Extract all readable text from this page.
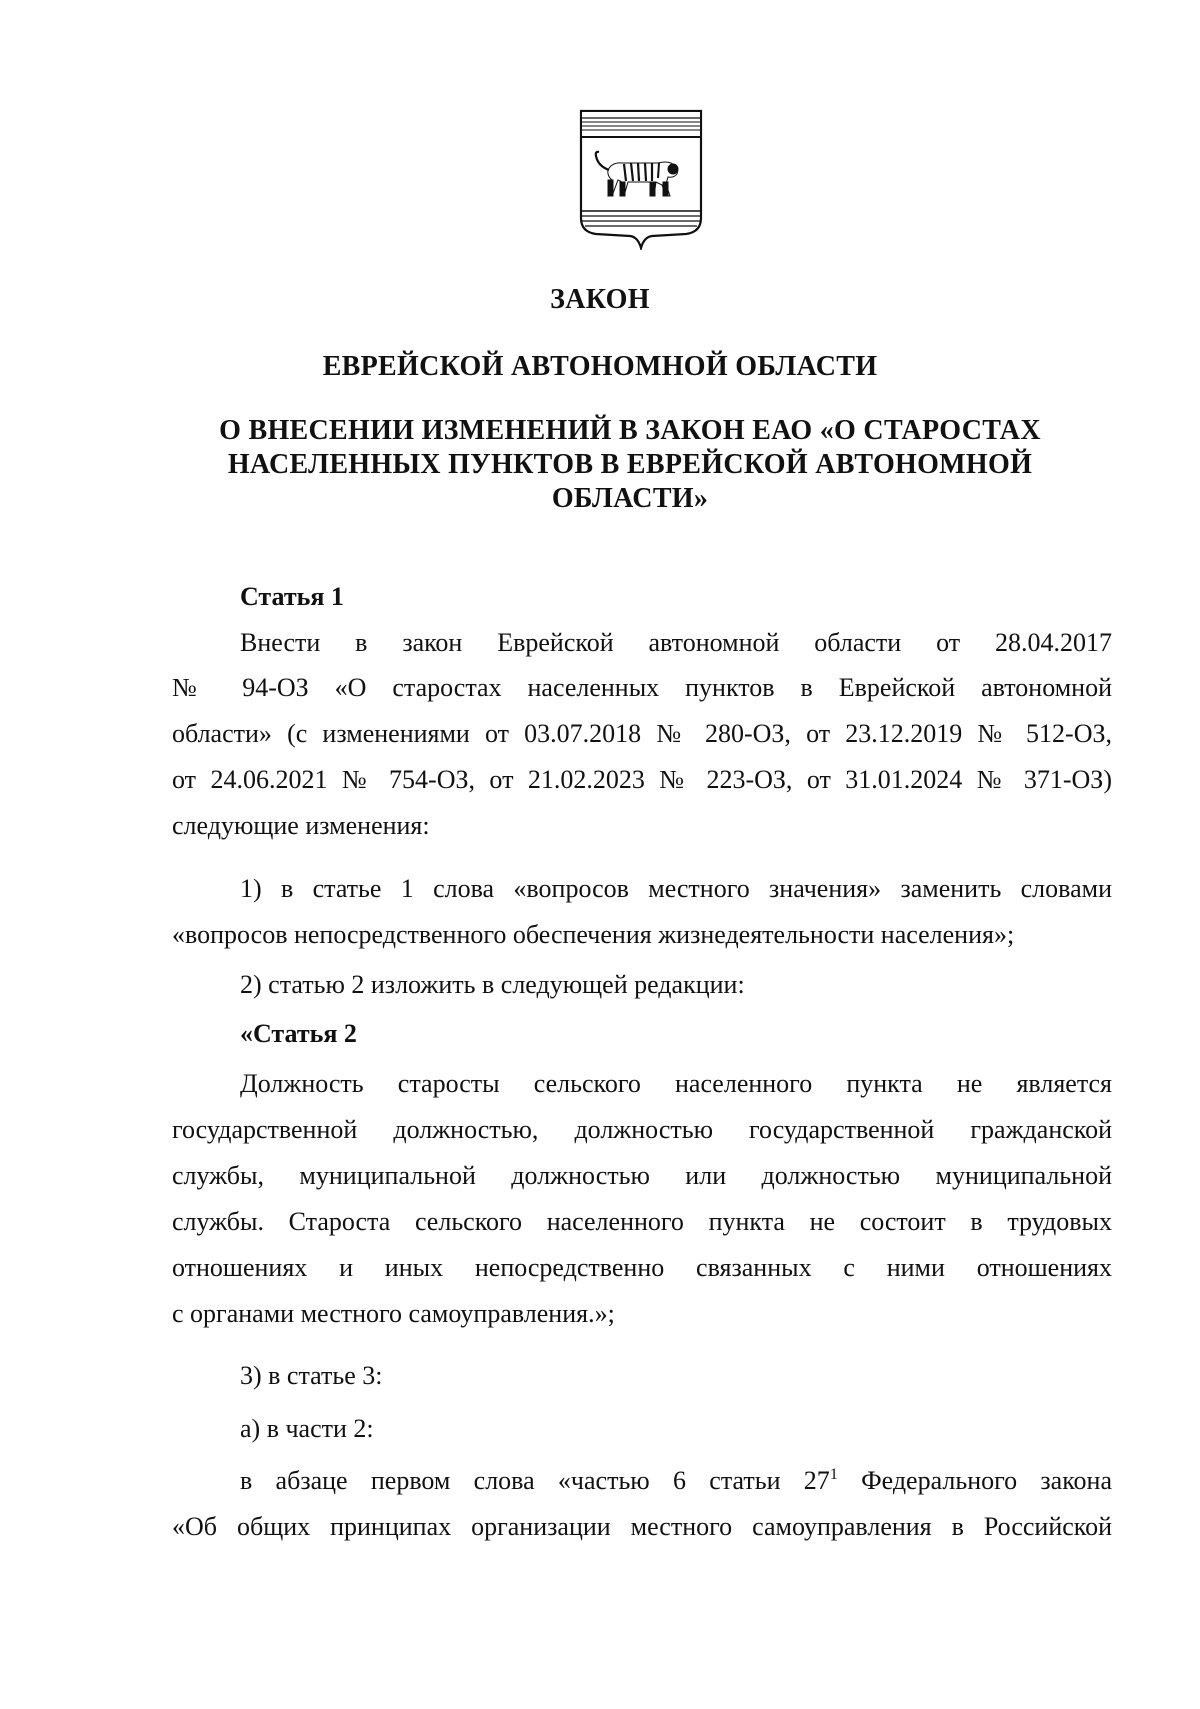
ЗАКОН
ЕВРЕЙСКОЙ АВТОНОМНОЙ ОБЛАСТИ
О ВНЕСЕНИИ ИЗМЕНЕНИЙ В ЗАКОН ЕАО «О СТАРОСТАХ
НАСЕЛЕННЫХ ПУНКТОВ В ЕВРЕЙСКОЙ АВТОНОМНОЙ
ОБЛАСТИ»
Статья 1
Внести в закон Еврейской автономной области от 28.04.2017
№ 94-ОЗ «О старостах населенных пунктов в Еврейской автономной
области» (с изменениями от 03.07.2018 № 280-ОЗ, от 23.12.2019 № 512-ОЗ,
от 24.06.2021 № 754-ОЗ, от 21.02.2023 № 223-ОЗ, от 31.01.2024 № 371-ОЗ)
следующие изменения:
1) в статье 1 слова «вопросов местного значения» заменить словами
«вопросов непосредственного обеспечения жизнедеятельности населения»;
2) статью 2 изложить в следующей редакции:
«Статья 2
Должность старосты сельского населенного пункта не является
государственной должностью, должностью государственной гражданской
службы, муниципальной должностью или должностью муниципальной
службы. Староста сельского населенного пункта не состоит в трудовых
отношениях и иных непосредственно связанных с ними отношениях
с органами местного самоуправления.»;
3) в статье 3:
а) в части 2:
в абзаце первом слова «частью 6 статьи $27^1$ Федерального закона
«Об общих принципах организации местного самоуправления в Российской
